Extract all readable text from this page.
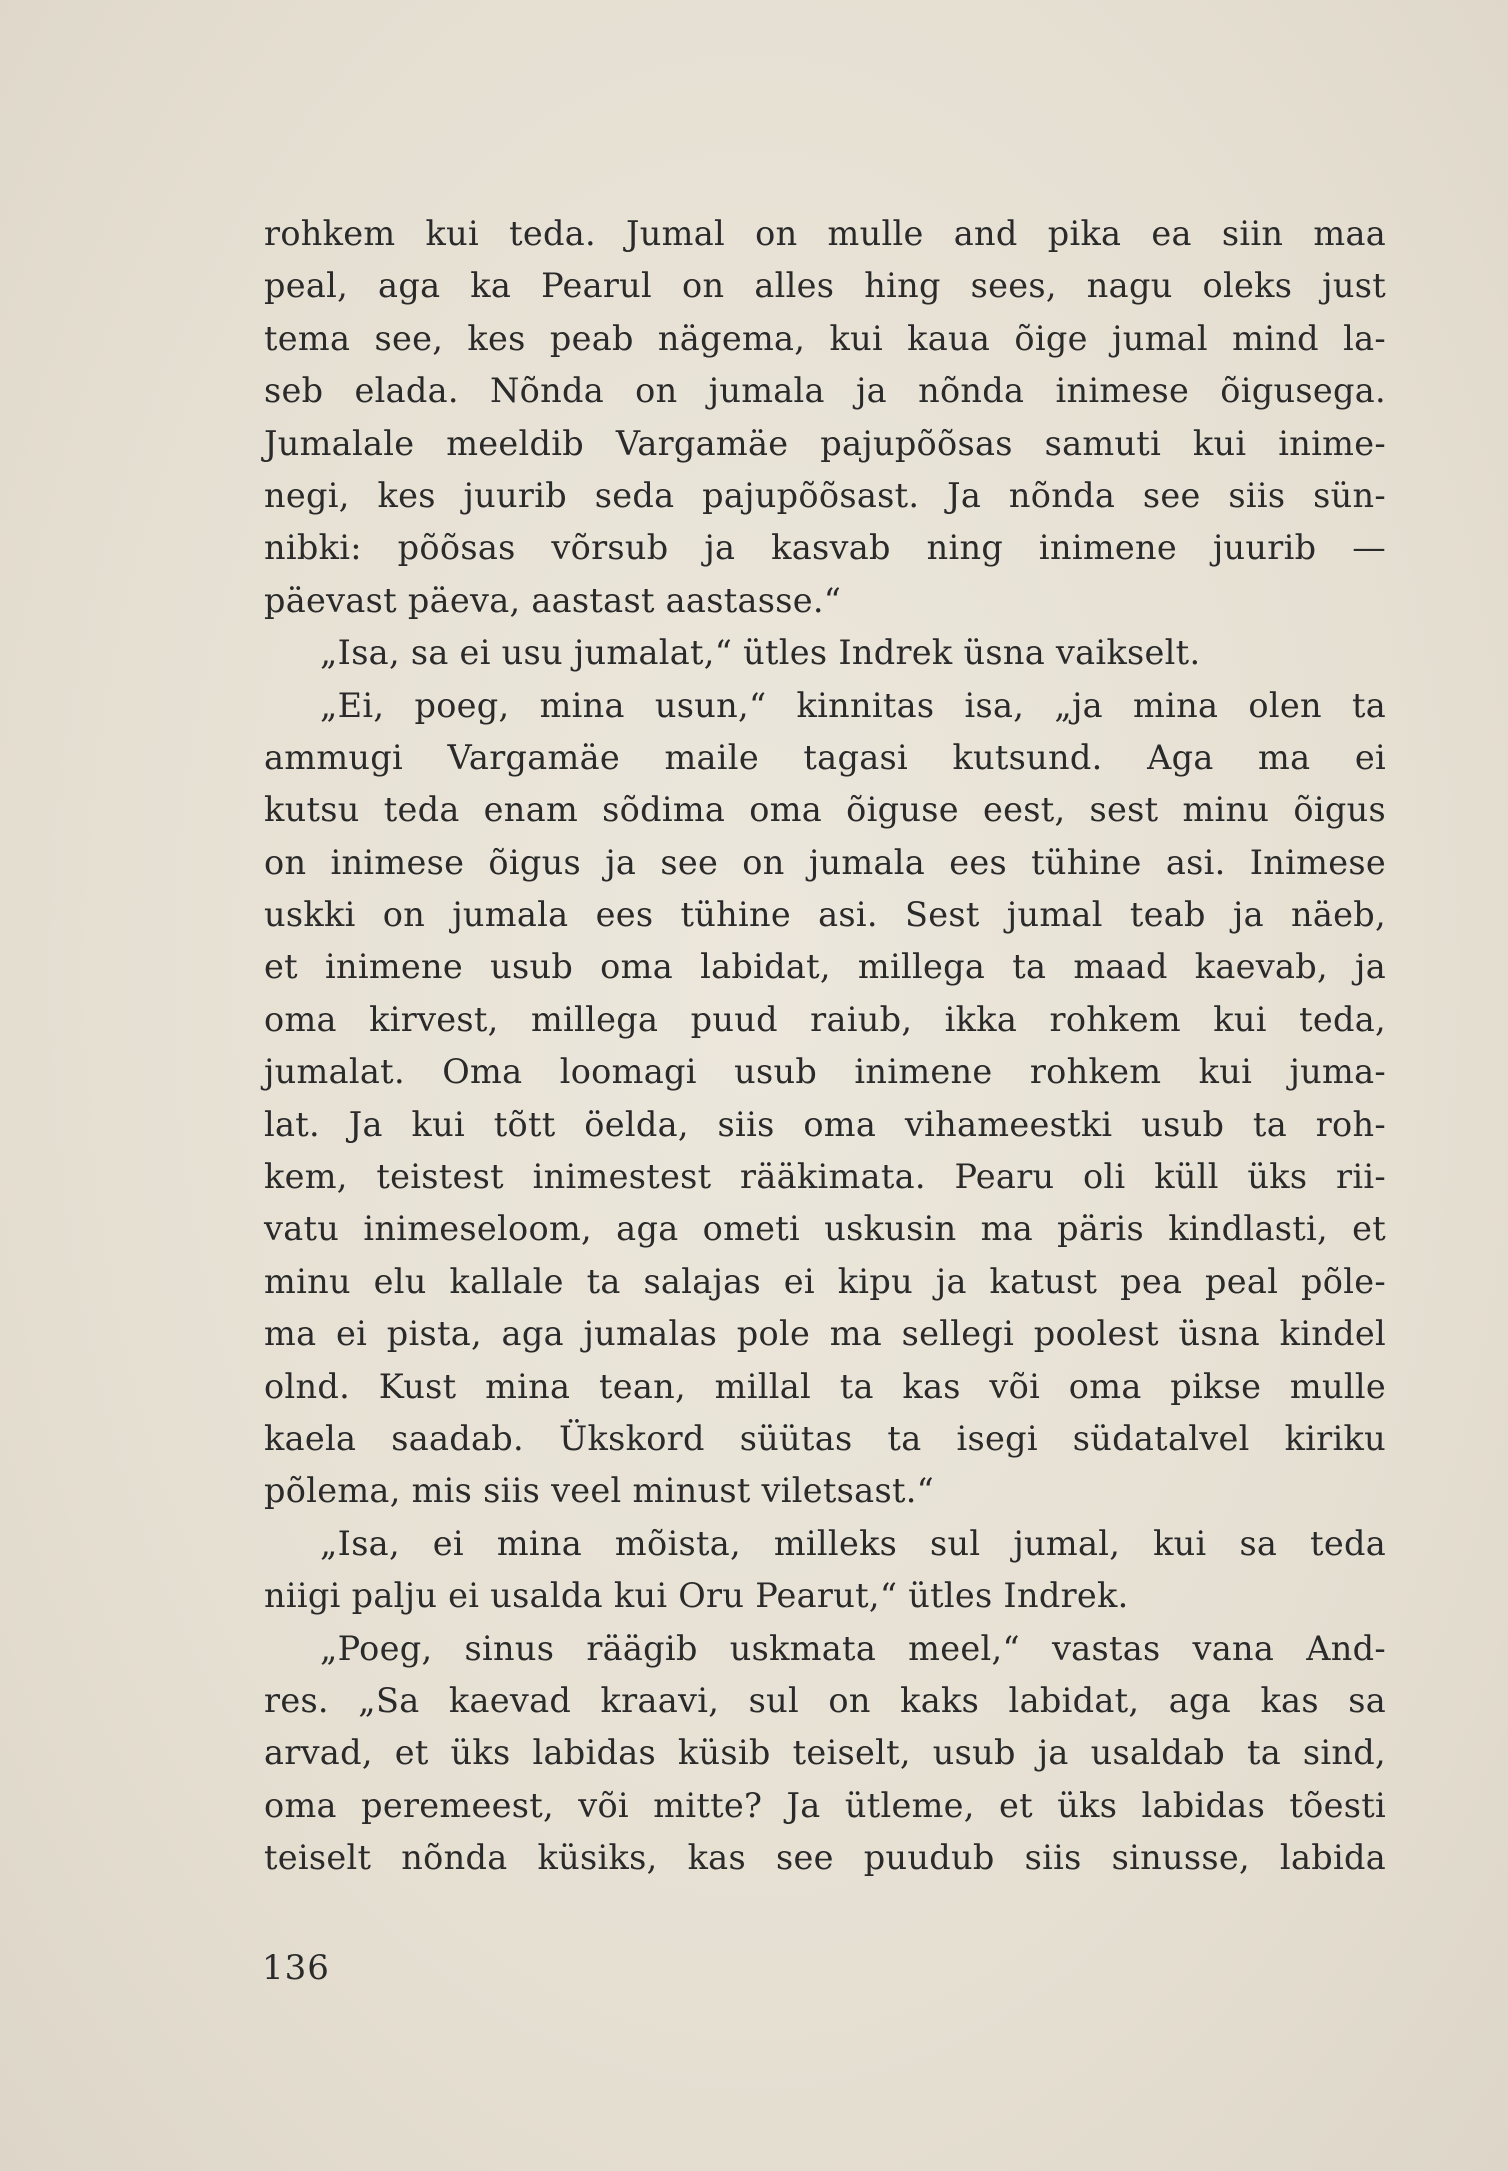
rohkem kui teda. Jumal on mulle and pika ea siin maa
peal, aga ka Pearul on alles hing sees, nagu oleks just
tema see, kes peab nägema, kui kaua õige jumal mind la-
seb elada. Nõnda on jumala ja nõnda inimese õigusega.
Jumalale meeldib Vargamäe pajupõõsas samuti kui inime-
negi, kes juurib seda pajupõõsast. Ja nõnda see siis sün-
nibki: põõsas võrsub ja kasvab ning inimene juurib —
päevast päeva, aastast aastasse.“
„Isa, sa ei usu jumalat,“ ütles Indrek üsna vaikselt.
„Ei, poeg, mina usun,“ kinnitas isa, „ja mina olen ta
ammugi Vargamäe maile tagasi kutsund. Aga ma ei
kutsu teda enam sõdima oma õiguse eest, sest minu õigus
on inimese õigus ja see on jumala ees tühine asi. Inimese
uskki on jumala ees tühine asi. Sest jumal teab ja näeb,
et inimene usub oma labidat, millega ta maad kaevab, ja
oma kirvest, millega puud raiub, ikka rohkem kui teda,
jumalat. Oma loomagi usub inimene rohkem kui juma-
lat. Ja kui tõtt öelda, siis oma vihameestki usub ta roh-
kem, teistest inimestest rääkimata. Pearu oli küll üks rii-
vatu inimeseloom, aga ometi uskusin ma päris kindlasti, et
minu elu kallale ta salajas ei kipu ja katust pea peal põle-
ma ei pista, aga jumalas pole ma sellegi poolest üsna kindel
olnd. Kust mina tean, millal ta kas või oma pikse mulle
kaela saadab. Ükskord süütas ta isegi südatalvel kiriku
põlema, mis siis veel minust viletsast.“
„Isa, ei mina mõista, milleks sul jumal, kui sa teda
niigi palju ei usalda kui Oru Pearut,“ ütles Indrek.
„Poeg, sinus räägib uskmata meel,“ vastas vana And-
res. „Sa kaevad kraavi, sul on kaks labidat, aga kas sa
arvad, et üks labidas küsib teiselt, usub ja usaldab ta sind,
oma peremeest, või mitte? Ja ütleme, et üks labidas tõesti
teiselt nõnda küsiks, kas see puudub siis sinusse, labida
136
